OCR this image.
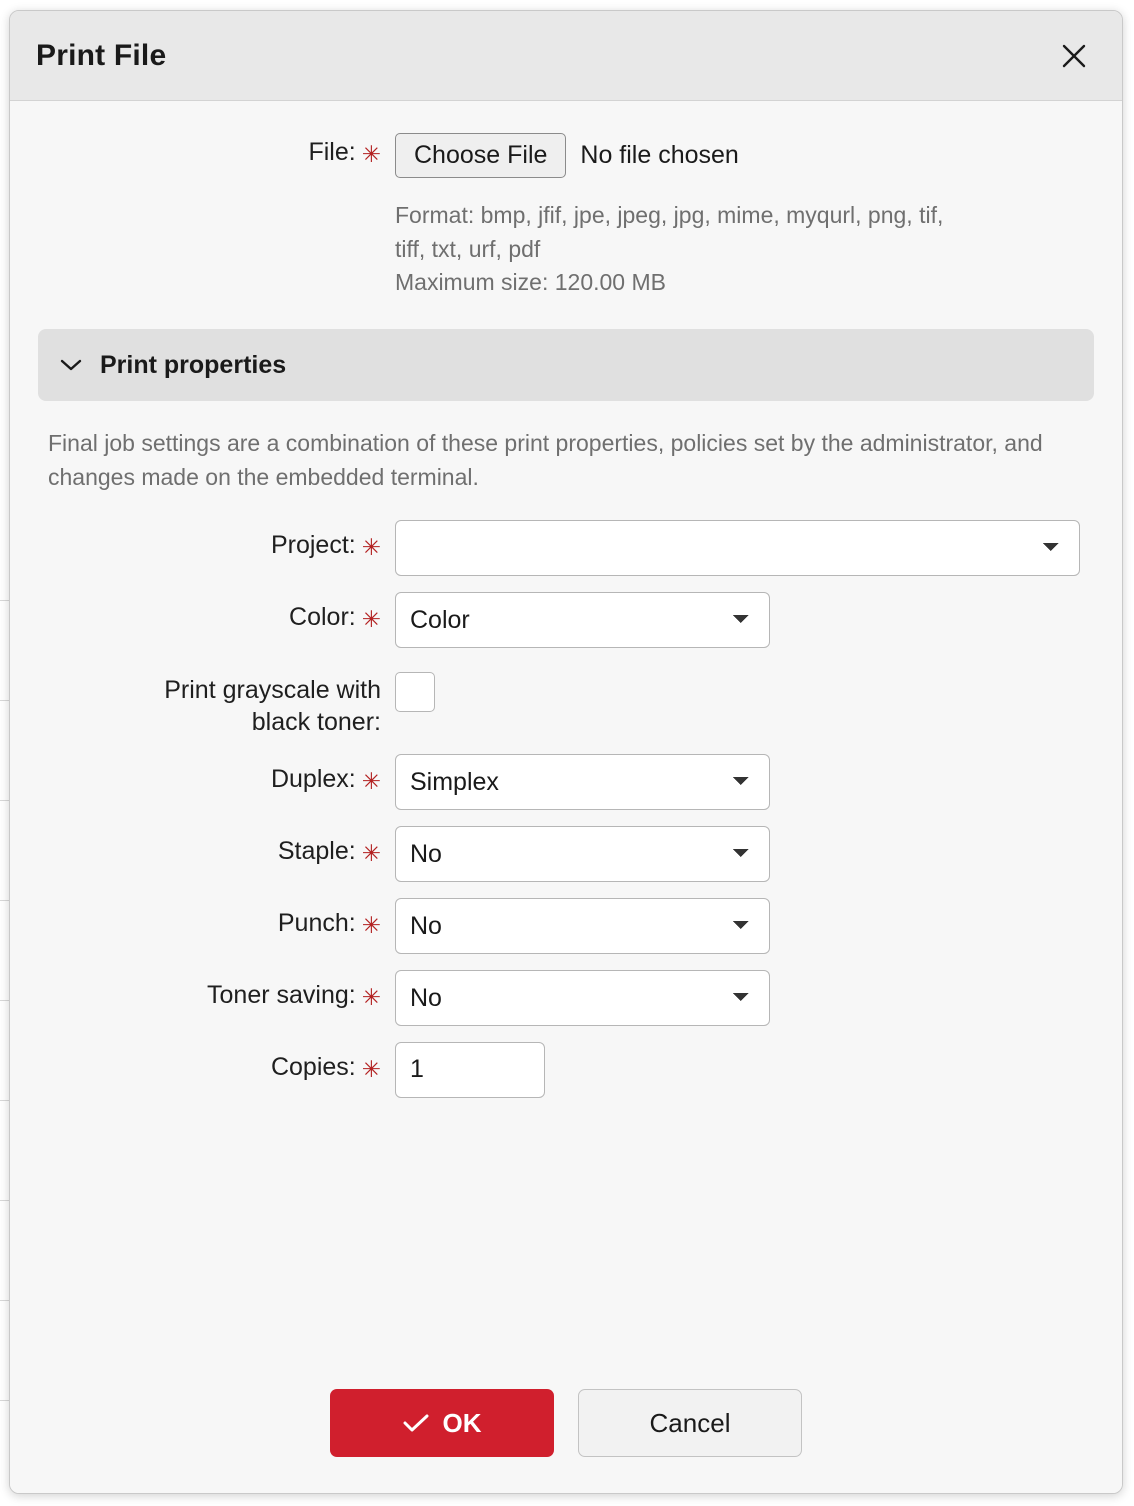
Print File
File: ✳	Choose File	No file chosen
Format: bmp, jfif, jpe, jpeg, jpg, mime, myqurl, png, tif,
tiff, txt, urf, pdf
Maximum size: 120.00 MB
Print properties
Final job settings are a combination of these print properties, policies set by the administrator, and changes made on the embedded terminal.
Project: ✳
Color: ✳
Color
Print grayscale with
black toner:
Duplex: ✳
Simplex
Staple: ✳
No
Punch: ✳
No
Toner saving: ✳
No
Copies: ✳
1
OK	Cancel
